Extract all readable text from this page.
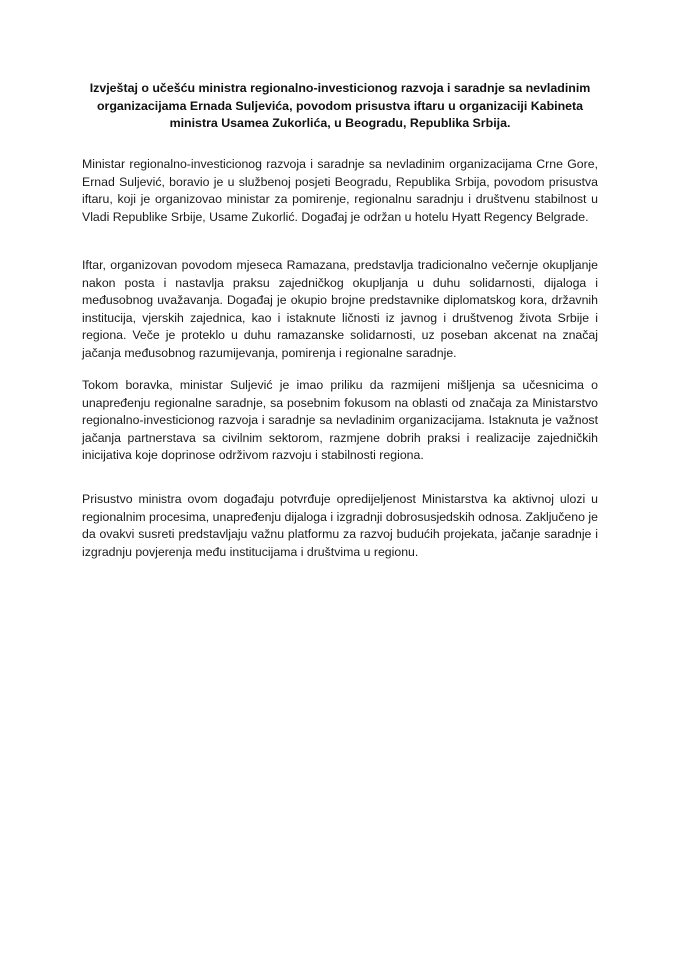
Izvještaj o učešću ministra regionalno-investicionog razvoja i saradnje sa nevladinim organizacijama Ernada Suljevića, povodom prisustva iftaru u organizaciji Kabineta ministra Usamea Zukorlića, u Beogradu, Republika Srbija.

Ministar regionalno-investicionog razvoja i saradnje sa nevladinim organizacijama Crne Gore, Ernad Suljević, boravio je u službenoj posjeti Beogradu, Republika Srbija, povodom prisustva iftaru, koji je organizovao ministar za pomirenje, regionalnu saradnju i društvenu stabilnost u Vladi Republike Srbije, Usame Zukorlić. Događaj je održan u hotelu Hyatt Regency Belgrade.

Iftar, organizovan povodom mjeseca Ramazana, predstavlja tradicionalno večernje okupljanje nakon posta i nastavlja praksu zajedničkog okupljanja u duhu solidarnosti, dijaloga i međusobnog uvažavanja. Događaj je okupio brojne predstavnike diplomatskog kora, državnih institucija, vjerskih zajednica, kao i istaknute ličnosti iz javnog i društvenog života Srbije i regiona. Veče je proteklo u duhu ramazanske solidarnosti, uz poseban akcenat na značaj jačanja međusobnog razumijevanja, pomirenja i regionalne saradnje.

Tokom boravka, ministar Suljević je imao priliku da razmijeni mišljenja sa učesnicima o unapređenju regionalne saradnje, sa posebnim fokusom na oblasti od značaja za Ministarstvo regionalno-investicionog razvoja i saradnje sa nevladinim organizacijama. Istaknuta je važnost jačanja partnerstava sa civilnim sektorom, razmjene dobrih praksi i realizacije zajedničkih inicijativa koje doprinose održivom razvoju i stabilnosti regiona.

Prisustvo ministra ovom događaju potvrđuje opredijeljenost Ministarstva ka aktivnoj ulozi u regionalnim procesima, unapređenju dijaloga i izgradnji dobrosusjedskih odnosa. Zaključeno je da ovakvi susreti predstavljaju važnu platformu za razvoj budućih projekata, jačanje saradnje i izgradnju povjerenja među institucijama i društvima u regionu.
